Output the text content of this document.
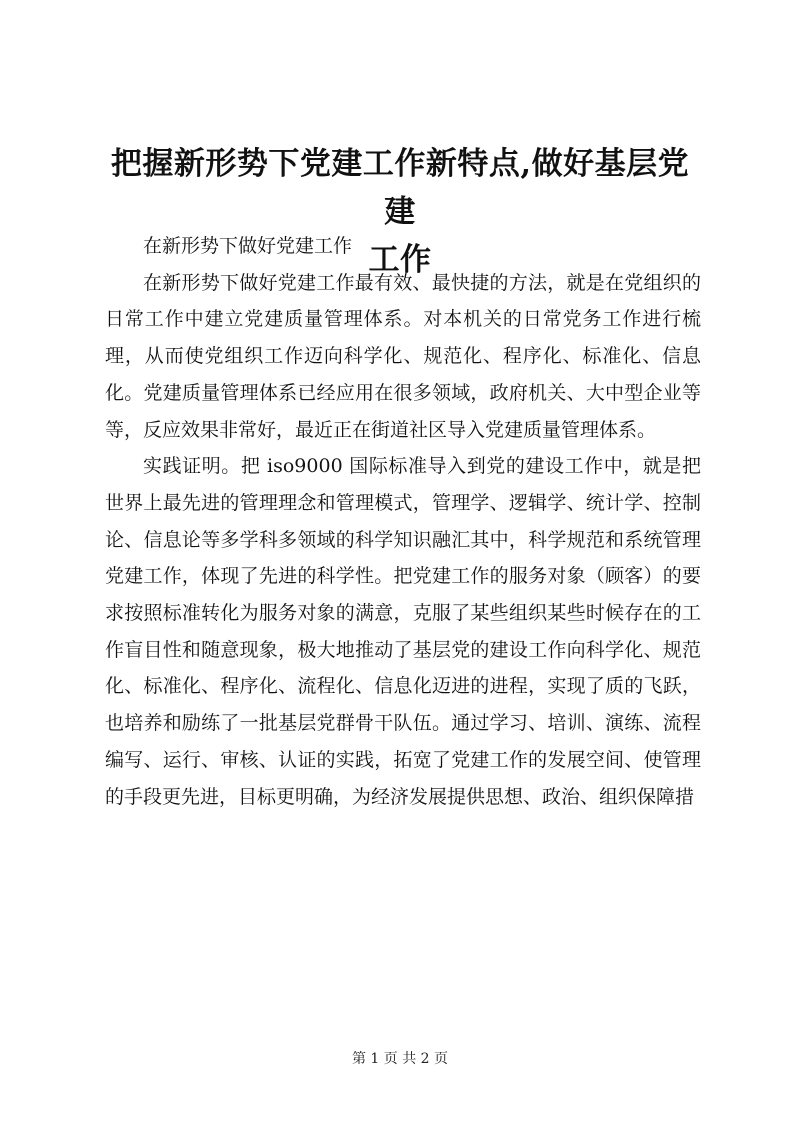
把握新形势下党建工作新特点,做好基层党建
工作

在新形势下做好党建工作

在新形势下做好党建工作最有效、最快捷的方法，就是在党组织的日常工作中建立党建质量管理体系。对本机关的日常党务工作进行梳理，从而使党组织工作迈向科学化、规范化、程序化、标准化、信息化。党建质量管理体系已经应用在很多领域，政府机关、大中型企业等等，反应效果非常好，最近正在街道社区导入党建质量管理体系。

实践证明。把 iso9000 国际标准导入到党的建设工作中，就是把世界上最先进的管理理念和管理模式，管理学、逻辑学、统计学、控制论、信息论等多学科多领域的科学知识融汇其中，科学规范和系统管理党建工作，体现了先进的科学性。把党建工作的服务对象（顾客）的要求按照标准转化为服务对象的满意，克服了某些组织某些时候存在的工作盲目性和随意现象，极大地推动了基层党的建设工作向科学化、规范化、标准化、程序化、流程化、信息化迈进的进程，实现了质的飞跃，也培养和励练了一批基层党群骨干队伍。通过学习、培训、演练、流程编写、运行、审核、认证的实践，拓宽了党建工作的发展空间、使管理的手段更先进，目标更明确，为经济发展提供思想、政治、组织保障措

第 1 页 共 2 页
